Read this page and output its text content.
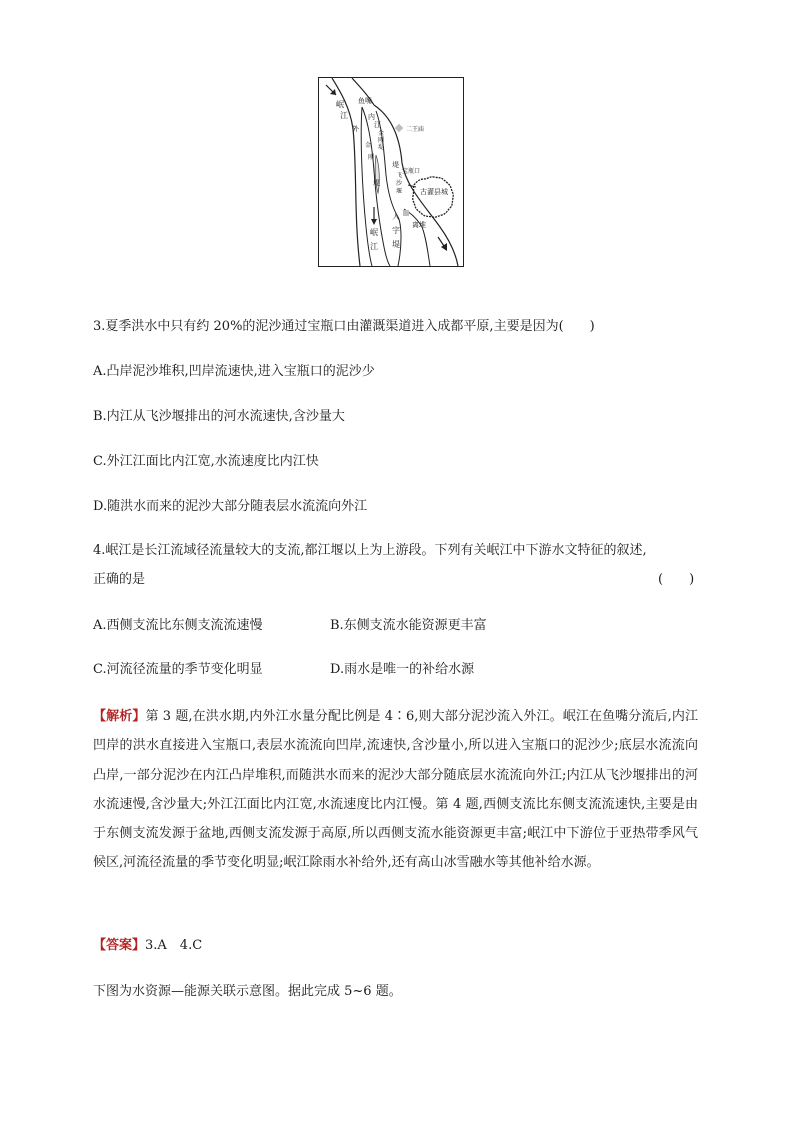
岷
江
鱼嘴
外
内
江
金
刚
堤
金
刚
堤
二王庙
宝瓶口
堤
飞
沙
堰	古灌县城
离堆
人
字
堤
岷
江
3.夏季洪水中只有约 20%的泥沙通过宝瓶口由灌溉渠道进入成都平原,主要是因为(　　)
A.凸岸泥沙堆积,凹岸流速快,进入宝瓶口的泥沙少
B.内江从飞沙堰排出的河水流速快,含沙量大
C.外江江面比内江宽,水流速度比内江快
D.随洪水而来的泥沙大部分随表层水流流向外江
4.岷江是长江流域径流量较大的支流,都江堰以上为上游段。下列有关岷江中下游水文特征的叙述,
正确的是	(　　)
A.西侧支流比东侧支流流速慢	B.东侧支流水能资源更丰富
C.河流径流量的季节变化明显	D.雨水是唯一的补给水源
【解析】第 3 题,在洪水期,内外江水量分配比例是 4∶6,则大部分泥沙流入外江。岷江在鱼嘴分流后,内江凹岸的洪水直接进入宝瓶口,表层水流流向凹岸,流速快,含沙量小,所以进入宝瓶口的泥沙少;底层水流流向凸岸,一部分泥沙在内江凸岸堆积,而随洪水而来的泥沙大部分随底层水流流向外江;内江从飞沙堰排出的河水流速慢,含沙量大;外江江面比内江宽,水流速度比内江慢。第 4 题,西侧支流比东侧支流流速快,主要是由于东侧支流发源于盆地,西侧支流发源于高原,所以西侧支流水能资源更丰富;岷江中下游位于亚热带季风气候区,河流径流量的季节变化明显;岷江除雨水补给外,还有高山冰雪融水等其他补给水源。
【答案】3.A　4.C
下图为水资源—能源关联示意图。据此完成 5~6 题。
